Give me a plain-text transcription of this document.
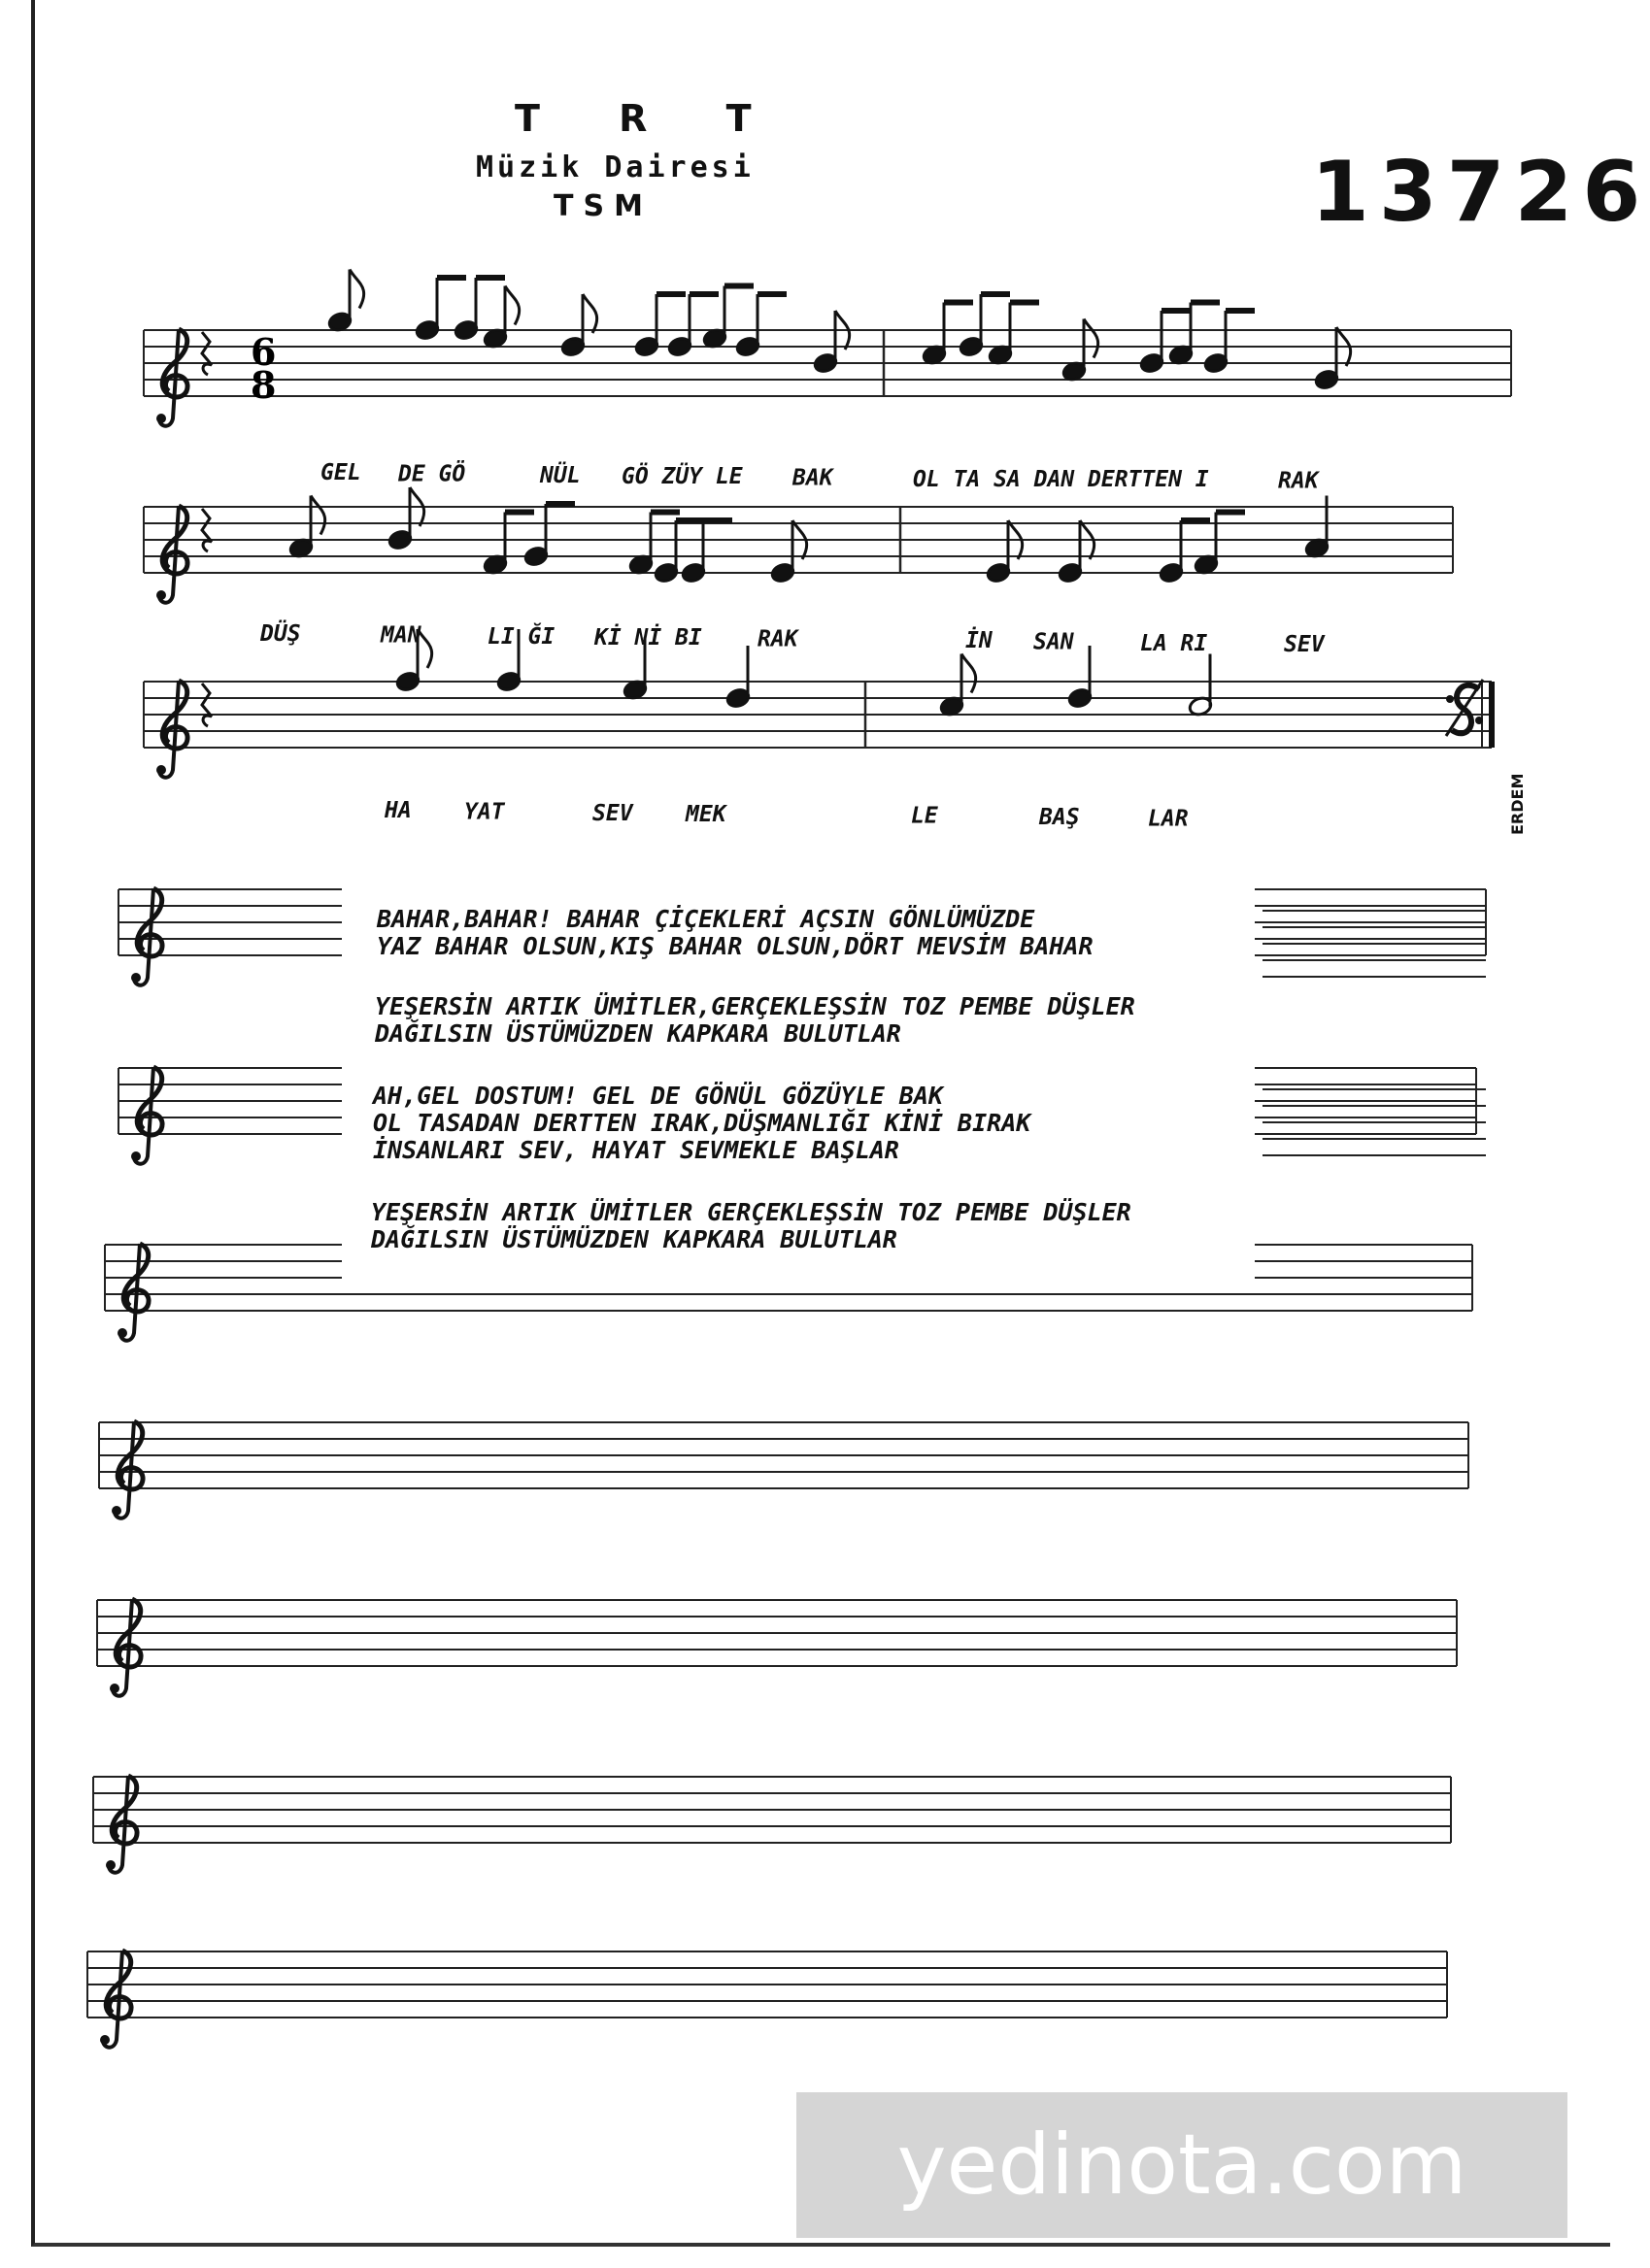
T R T
Müzik Dairesi
TSM	13726
GEL DE GÖ	NÜL GÖ ZÜY LE BAK	OL TA SA DAN DERTTEN I	RAK
DÜŞ	MAN	LI ĞI Kİ Nİ BI RAK	İN SAN	LA RI	SEV
HA YAT	SEV MEK	LE	BAŞ	LAR
6
8
BAHAR,BAHAR! BAHAR ÇİÇEKLERİ AÇSIN GÖNLÜMÜZDE
YAZ BAHAR OLSUN,KIŞ BAHAR OLSUN,DÖRT MEVSİM BAHAR
YEŞERSİN ARTIK ÜMİTLER,GERÇEKLEŞSİN TOZ PEMBE DÜŞLER
DAĞILSIN ÜSTÜMÜZDEN KAPKARA BULUTLAR
AH,GEL DOSTUM! GEL DE GÖNÜL GÖZÜYLE BAK
OL TASADAN DERTTEN IRAK,DÜŞMANLIĞI KİNİ BIRAK
İNSANLARI SEV, HAYAT SEVMEKLE BAŞLAR
YEŞERSİN ARTIK ÜMİTLER GERÇEKLEŞSİN TOZ PEMBE DÜŞLER
DAĞILSIN ÜSTÜMÜZDEN KAPKARA BULUTLAR
ERDEM
yedinota.com
